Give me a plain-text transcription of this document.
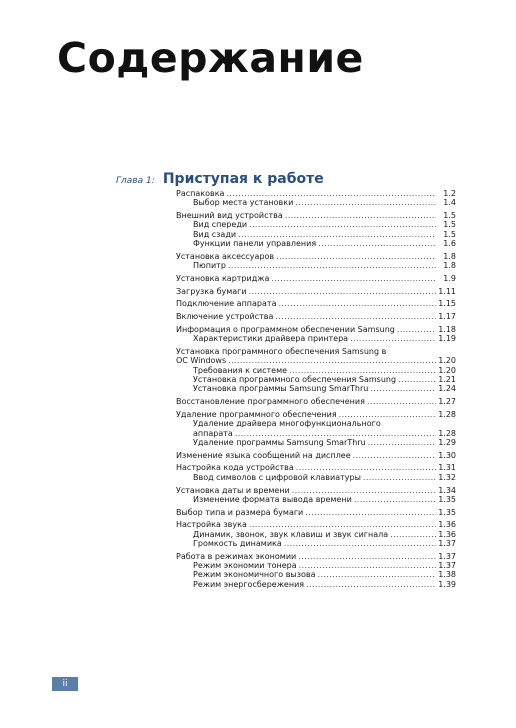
Содержание
Глава 1: Приступая к работе
Распаковка .....	1.2
Выбор места установки .....	1.4
Внешний вид устройства .....	1.5
Вид спереди .....	1.5
Вид сзади .....	1.5
Функции панели управления .....	1.6
Установка аксессуаров .....	1.8
Пюпитр .....	1.8
Установка картриджа .....	1.9
Загрузка бумаги .....	1.11
Подключение аппарата .....	1.15
Включение устройства .....	1.17
Информация о программном обеспечении Samsung .....	1.18
Характеристики драйвера принтера .....	1.19
Установка программного обеспечения Samsung в
ОС Windows .....	1.20
Требования к системе .....	1.20
Установка программного обеспечения Samsung .....	1.21
Установка программы Samsung SmarThru .....	1.24
Восстановление программного обеспечения .....	1.27
Удаление программного обеспечения .....	1.28
Удаление драйвера многофункционального
аппарата .....	1.28
Удаление программы Samsung SmarThru .....	1.29
Изменение языка сообщений на дисплее .....	1.30
Настройка кода устройства .....	1.31
Ввод символов с цифровой клавиатуры .....	1.32
Установка даты и времени .....	1.34
Изменение формата вывода времени .....	1.35
Выбор типа и размера бумаги .....	1.35
Настройка звука .....	1.36
Динамик, звонок, звук клавиш и звук сигнала .....	1.36
Громкость динамика .....	1.37
Работа в режимах экономии .....	1.37
Режим экономии тонера .....	1.37
Режим экономичного вызова .....	1.38
Режим энергосбережения .....	1.39
ii
